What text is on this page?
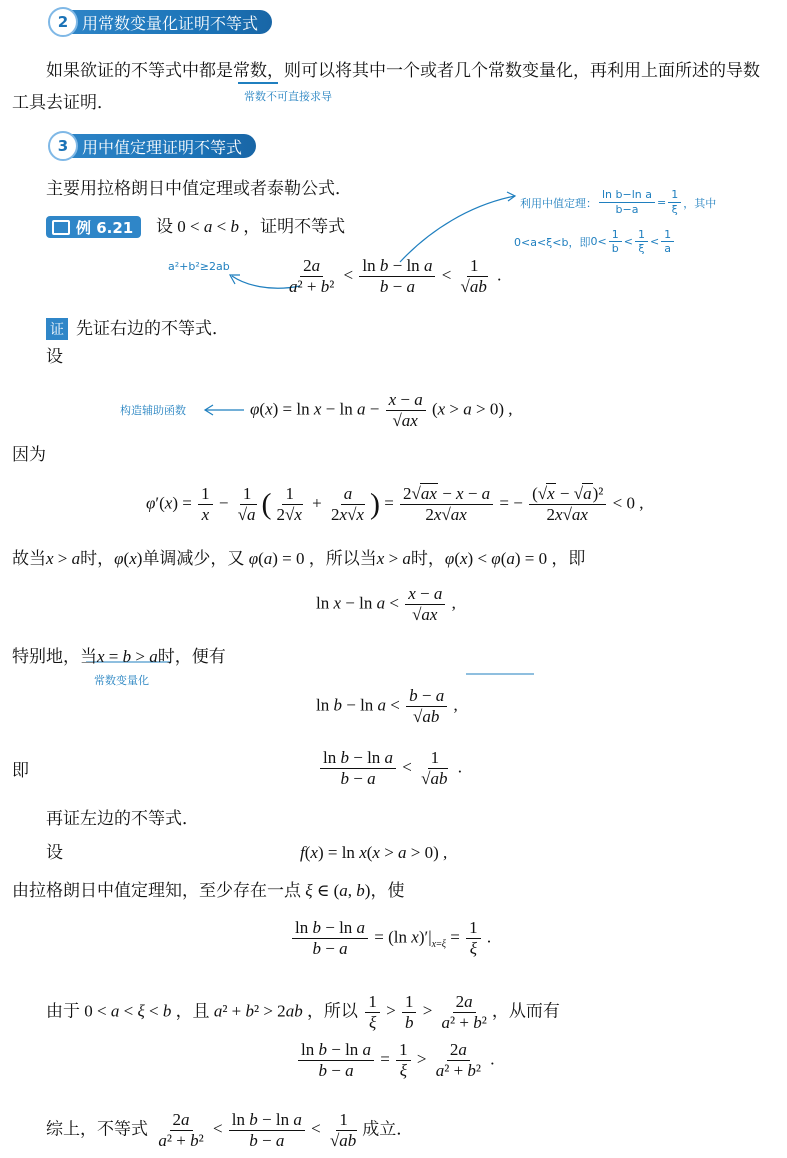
2 用常数变量化证明不等式
如果欲证的不等式中都是常数，则可以将其中一个或者几个常数变量化，再利用上面所述的导数
工具去证明．	常数不可直接求导
3 用中值定理证明不等式
主要用拉格朗日中值定理或者泰勒公式．
利用中值定理： $\frac{\text{ln b−ln a}}{b-a} = \frac{1}{\xi}$ ，其中
0<a<ξ<b，即 $0< \frac{1}{b} < \frac{1}{\xi} < \frac{1}{a}$
例 6.21 设 0 < a < b ，证明不等式
a²+b²≥2ab	$\frac{2a}{\text{a² + b²}} < \frac{\text{ln b − ln a}}{b - a} < \frac{1}{√ab}$ .
证 先证右边的不等式．
设
构造辅助函数	$\varphi(x) = \ln x - \ln a - \frac{x - a}{√ax} (x > a > 0)$ ,
因为
$\varphi'(x) = \frac{1}{x} - \frac{1}{√a}$ ( $\frac{1}{2√x} + \frac{a}{2x√x}$ ) = $\frac{2√ax - x - a}{2x√ax}$ = − $\frac{\text{(√x − √a)²}}{2x√ax} < 0$ ,
故当x > a时，φ(x)单调减少，又 φ(a) = 0 ，所以当x > a时，φ(x) < φ(a) = 0 ，即
$\ln x - \ln a < \frac{x - a}{√ax}$ ,
特别地，当x = b > a时，便有
常数变量化
$\ln b - \ln a < \frac{b - a}{√ab}$ ,
即	$\frac{\text{ln b − ln a}}{b - a} < \frac{1}{√ab}$ .
再证左边的不等式．
设	f(x) = ln x(x > a > 0) ,
由拉格朗日中值定理知，至少存在一点 ξ ∈ (a, b)，使
$\frac{\text{ln b − ln a}}{b - a} = (\ln$ $x)'|_{x=\xi} = \frac{1}{\xi}$ .
由于 0 < a < ξ < b ，且 a² + b² > 2ab ，所以 $\frac{1}{\xi} > \frac{1}{b} > \frac{2a}{\text{a² + b²}}$ ，从而有
$\frac{\text{ln b − ln a}}{b - a} = \frac{1}{\xi} > \frac{2a}{\text{a² + b²}}$ .
综上，不等式 $\frac{2a}{\text{a² + b²}} < \frac{\text{ln b − ln a}}{b - a} < \frac{1}{√ab}$ 成立．
